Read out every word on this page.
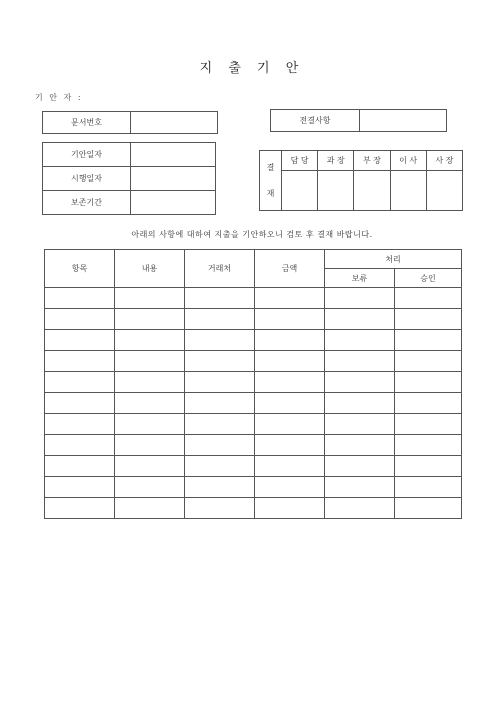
지 출 기 안
기 안 자 :
문서번호		전결사항	
기안일자	
시행일자	
보존기간	
결
재	담 당	과 장	부 장	이 사	사 장

아래의 사항에 대하여 지출을 기안하오니 검토 후 결재 바랍니다.
항목	내용	거래처	금액	처리	
				보류	승인
